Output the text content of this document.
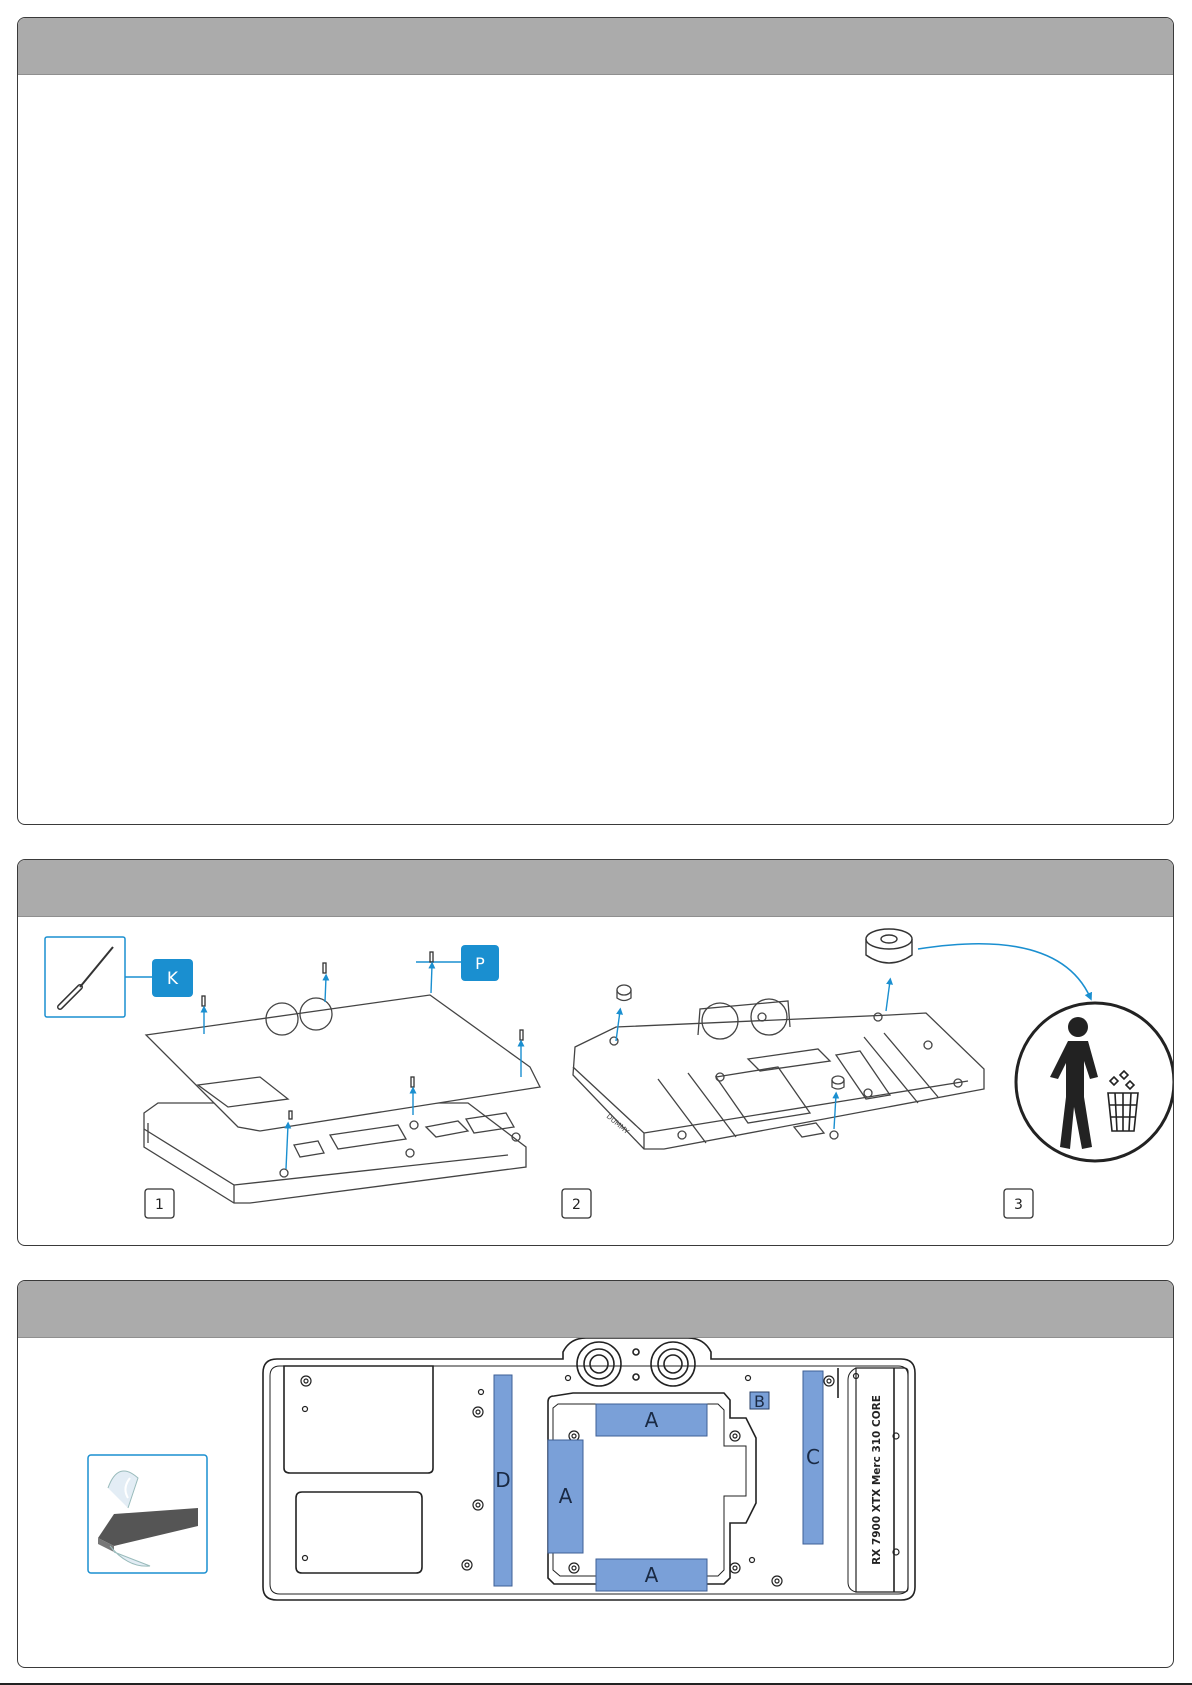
K
P
DUMMY
1	2	3
A
A
A
B
C
D	RX 7900 XTX Merc 310 CORE
